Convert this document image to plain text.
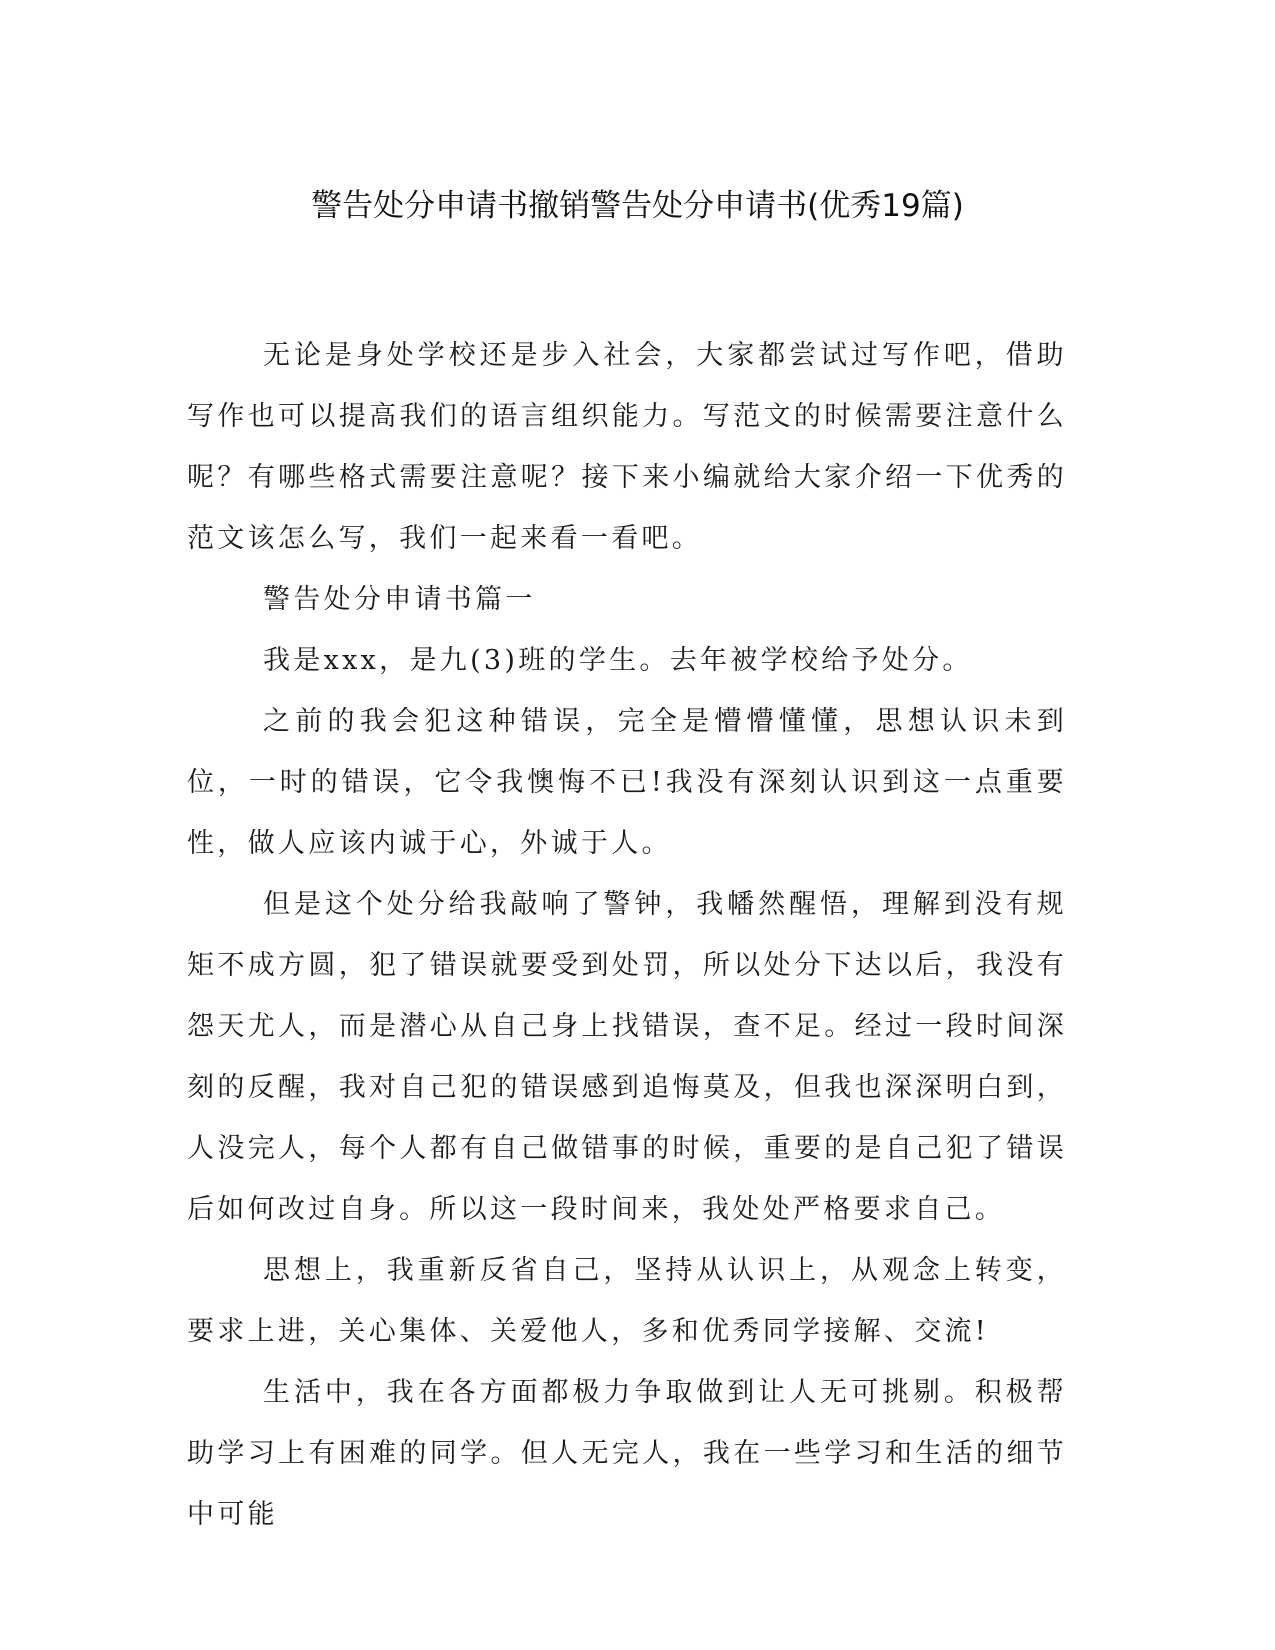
警告处分申请书撤销警告处分申请书(优秀19篇)

无论是身处学校还是步入社会，大家都尝试过写作吧，借助写作也可以提高我们的语言组织能力。写范文的时候需要注意什么呢？有哪些格式需要注意呢？接下来小编就给大家介绍一下优秀的范文该怎么写，我们一起来看一看吧。

警告处分申请书篇一

我是xxx，是九(3)班的学生。去年被学校给予处分。

之前的我会犯这种错误，完全是懵懵懂懂，思想认识未到位，一时的错误，它令我懊悔不已!我没有深刻认识到这一点重要性，做人应该内诚于心，外诚于人。

但是这个处分给我敲响了警钟，我幡然醒悟，理解到没有规矩不成方圆，犯了错误就要受到处罚，所以处分下达以后，我没有怨天尤人，而是潜心从自己身上找错误，查不足。经过一段时间深刻的反醒，我对自己犯的错误感到追悔莫及，但我也深深明白到，人没完人，每个人都有自己做错事的时候，重要的是自己犯了错误后如何改过自身。所以这一段时间来，我处处严格要求自己。

思想上，我重新反省自己，坚持从认识上，从观念上转变，要求上进，关心集体、关爱他人，多和优秀同学接解、交流!

生活中，我在各方面都极力争取做到让人无可挑剔。积极帮助学习上有困难的同学。但人无完人，我在一些学习和生活的细节中可能
